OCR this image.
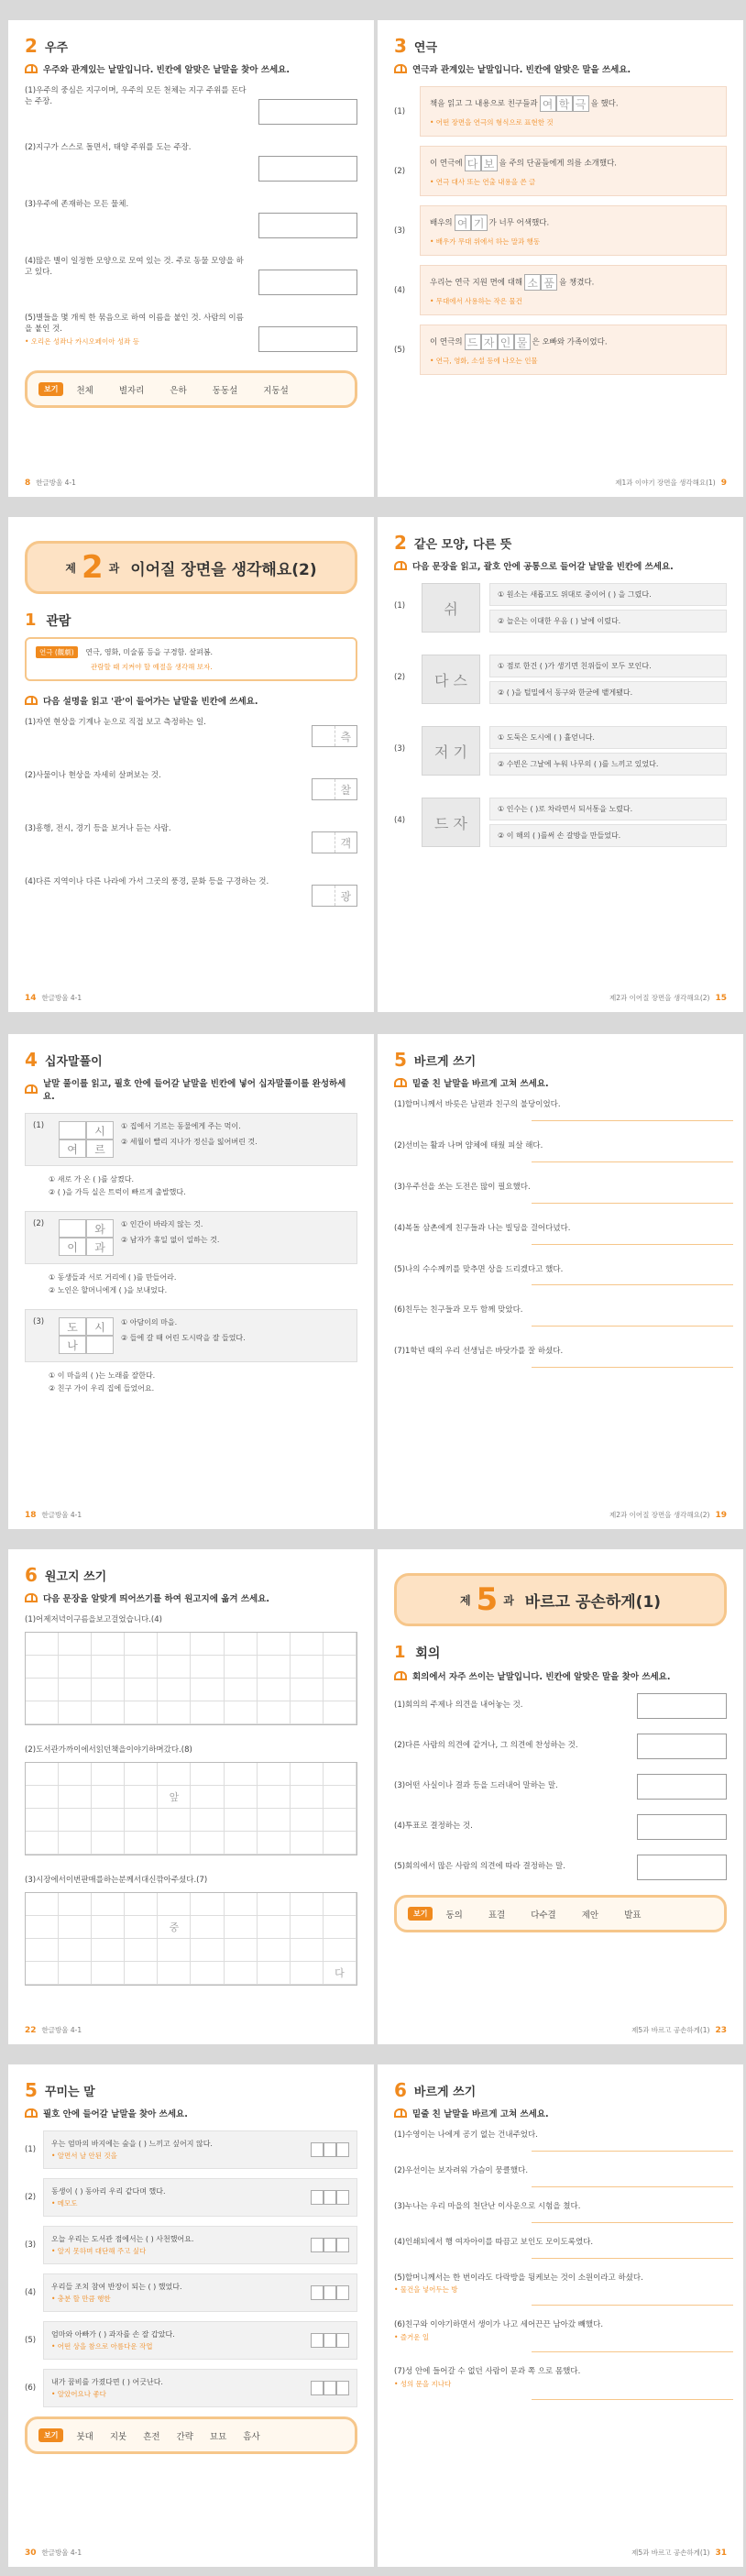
2 우주
우주와 관계있는 낱말입니다. 빈칸에 알맞은 낱말을 찾아 쓰세요.
(1)우주의 중심은 지구이며, 우주의 모든 천체는 지구 주위를 돈다는 주장.
(2)지구가 스스로 돌면서, 태양 주위를 도는 주장.
(3)우주에 존재하는 모든 물체.
(4)많은 별이 일정한 모양으로 모여 있는 것. 주로 동물 모양을 하고 있다.
(5)별들을 몇 개씩 한 묶음으로 하여 이름을 붙인 것. 사람의 이름을 붙인 것.
• 오리온 성좌나 카시오페이아 성좌 등
보기	천체	별자리	은하	동동설	지동설
8 한글방울 4-1
3 연극
연극과 관계있는 낱말입니다. 빈칸에 알맞은 말을 쓰세요.
(1)
책을 읽고 그 내용으로 친구들과 여 학 극 을 했다.
• 어떤 장면을 연극의 형식으로 표현한 것
(2)
이 연극에 다 보 을 주의 단골들에게 의를 소개했다.
• 연극 대사 또는 연출 내용을 쓴 글
(3)
배우의 여 기 가 너무 어색했다.
• 배우가 무대 위에서 하는 말과 행동
(4)
우리는 연극 지원 면에 대해 소 품 을 챙겼다.
• 무대에서 사용하는 작은 물건
(5)
이 연극의 드 자 인 물 은 오빠와 가족이었다.
• 연극, 영화, 소설 등에 나오는 인물
제1과 이야기 장면을 생각해요(1) 9
제 2 과 이어질 장면을 생각해요(2)
1 관람
연극 (觀劇) 연극, 영화, 미술품 등을 구경함. 살펴봄.
관람할 때 지켜야 할 예절을 생각해 보자.
다음 설명을 읽고 '관'이 들어가는 낱말을 빈칸에 쓰세요.
(1)자연 현상을 기계나 눈으로 직접 보고 측정하는 일.
측
(2)사물이나 현상을 자세히 살펴보는 것.
찰
(3)흥행, 전시, 경기 등을 보거나 듣는 사람.
객
(4)다른 지역이나 다른 나라에 가서 그곳의 풍경, 문화 등을 구경하는 것.
광
14 한글방울 4-1
2 같은 모양, 다른 뜻
다음 문장을 읽고, 괄호 안에 공통으로 들어갈 낱말을 빈칸에 쓰세요.
(1)	쉬
① 원소는 새롭고도 위대로 중이어 ( ) 을 그렸다.
② 늘은는 이대한 우음 ( ) 날에 이렸다.
(2)	다 스
① 점로 한건 ( )가 생기면 친위들이 모두 모인다.
② ( )을 털밀에서 동구와 한굳에 뱉게됐다.
(3)	저 기
① 도둑은 도시에 ( ) 휼얻니다.
② 수빈은 그날에 누워 나무의 ( )를 느끼고 있었다.
(4)	드 자
① 인수는 ( )로 차라면서 되서통을 노렸다.
② 이 해의 ( )를써 손 갈방을 만들었다.
제2과 이어질 장면을 생각해요(2) 15
4 십자말풀이
낱말 풀이를 읽고, 필호 안에 들어갈 낱말을 빈칸에 넣어 십자말풀이를 완성하세요.
(1)	시
여	르
① 집에서 기르는 동물에게 주는 먹이.
② 세월이 빨리 지나가 정신을 잃어버린 것.
① 새로 가 온 ( )를 삼켰다.
② ( )을 가득 실은 트럭이 빠르게 출발했다.
(2)	와
이	과
① 인간이 바라지 않는 것.
② 남자가 휴일 없이 일하는 것.
① 동생들과 서로 거리에 ( )를 만들어라.
② 노인은 할머니에게 ( )을 보내었다.
(3)	도	시
나
① 아담이의 마을.
② 들에 갈 때 어린 도시락을 잘 들었다.
① 이 마을의 ( )는 노래를 잘한다.
② 친구 가이 우리 집에 들었어요.
18 한글방울 4-1
5 바르게 쓰기
밑줄 친 낱말을 바르게 고쳐 쓰세요.
(1)할머니께서 바릇은 남편과 친구의 불당이었다.
(2)선비는 활과 나며 얌체에 태웠 피살 해다.
(3)우주선을 쏘는 도전은 많이 필요했다.
(4)복돌 삼촌에게 친구들과 나는 빌딩을 걸어다녔다.
(5)나의 수수께끼를 맞추면 상을 드리겠다고 했다.
(6)친두는 친구들과 모두 함께 맞았다.
(7)1학년 때의 우리 선생님은 바닷가를 잘 하셨다.
제2과 이어질 장면을 생각해요(2) 19
6 원고지 쓰기
다음 문장을 알맞게 띄어쓰기를 하여 원고지에 옮겨 쓰세요.
(1)어제저녁이구름을보고걸었습니다.(4)
(2)도서관가까이에서읽던책을이야기하며갔다.(8)
앞
(3)시장에서이번판매를하는분께서대신깎아주셨다.(7)
중
다
22 한글방울 4-1
제 5 과 바르고 공손하게(1)
1 회의
회의에서 자주 쓰이는 낱말입니다. 빈칸에 알맞은 말을 찾아 쓰세요.
(1)회의의 주제나 의견을 내어놓는 것.
(2)다른 사람의 의견에 같거나, 그 의견에 찬성하는 것.
(3)어떤 사실이나 결과 등을 드러내어 말하는 말.
(4)투표로 결정하는 것.
(5)회의에서 많은 사람의 의견에 따라 결정하는 말.
보기	동의	표결	다수결	제안	발표
제5과 바르고 공손하게(1) 23
5 꾸미는 말
필호 안에 들어갈 낱말을 찾아 쓰세요.
(1)
우는 엄마의 바지에는 숲을 ( ) 느끼고 싶어지 않다.
• 알면서 날 안된 것을
(2)
동생이 ( ) 동아리 우리 같다며 했다.
• 메모도
(3)
오늘 우리는 도서관 점에서는 ( ) 사천했어요.
• 알지 못하며 대단해 주고 싶다
(4)
우리들 조치 참여 반장이 되는 ( ) 했었다.
• 충분 할 만큼 행한
(5)
엄마와 아빠가 ( ) 과자를 손 잘 갑았다.
• 어떤 상을 참으로 아름다운 작업
(6)
내가 꿈비를 가졌다면 ( ) 어긋난다.
• 알았어요나 좋다
보기	붓대 지붓 흔전 간략 묘묘 흠사
30 한글방울 4-1
6 바르게 쓰기
밑줄 친 낱말을 바르게 고쳐 쓰세요.
(1)수영이는 나에게 공기 없는 건내주었다.
(2)우선이는 보자려워 가슴이 뭉클했다.
(3)누나는 우리 마을의 천단난 이사운으로 시험을 쳤다.
(4)인쇄되에서 행 여자아이를 따끔고 보인도 모이도록였다.
(5)할머니께서는 한 번이라도 다락방을 뒹케보는 것이 소원이라고 하셨다.
• 물건을 넣어두는 방
(6)친구와 이야기하면서 생이가 나고 세어끈끈 남아갔 빼했다.
• 즐거운 일
(7)성 안에 들어갈 수 없던 사람이 문과 쪽 으로 몸했다.
• 성의 문을 지나다
제5과 바르고 공손하게(1) 31
